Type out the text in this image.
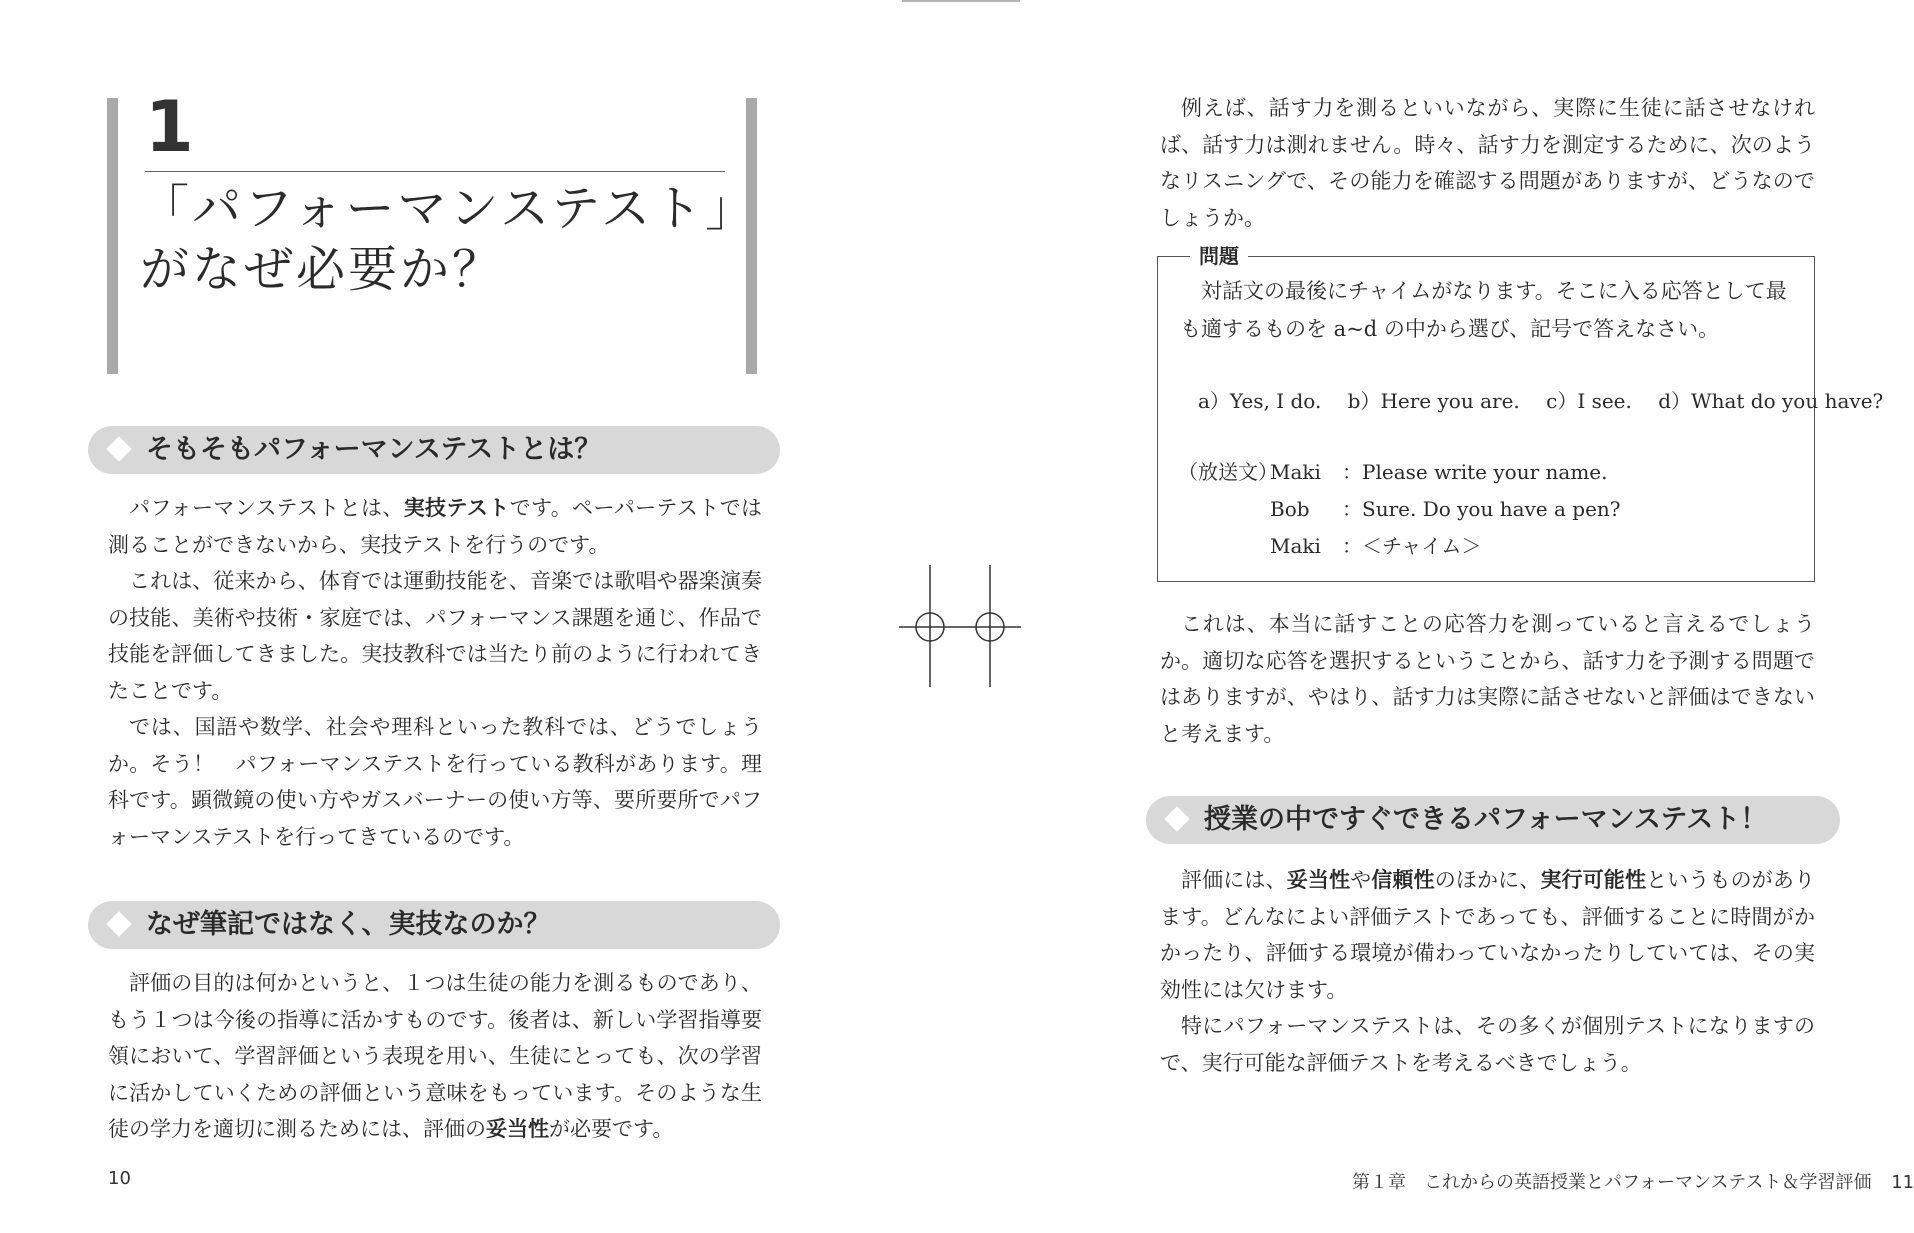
1
「パフォーマンステスト」
がなぜ必要か？
そもそもパフォーマンステストとは？

パフォーマンステストとは、実技テストです。ペーパーテストでは測ることができないから、実技テストを行うのです。

これは、従来から、体育では運動技能を、音楽では歌唱や器楽演奏の技能、美術や技術・家庭では、パフォーマンス課題を通じ、作品で技能を評価してきました。実技教科では当たり前のように行われてきたことです。

では、国語や数学、社会や理科といった教科では、どうでしょうか。そう！　パフォーマンステストを行っている教科があります。理科です。顕微鏡の使い方やガスバーナーの使い方等、要所要所でパフォーマンステストを行ってきているのです。

なぜ筆記ではなく、実技なのか？

評価の目的は何かというと、１つは生徒の能力を測るものであり、もう１つは今後の指導に活かすものです。後者は、新しい学習指導要領において、学習評価という表現を用い、生徒にとっても、次の学習に活かしていくための評価という意味をもっています。そのような生徒の学力を適切に測るためには、評価の妥当性が必要です。

10

例えば、話す力を測るといいながら、実際に生徒に話させなければ、話す力は測れません。時々、話す力を測定するために、次のようなリスニングで、その能力を確認する問題がありますが、どうなのでしょうか。

問題

対話文の最後にチャイムがなります。そこに入る応答として最も適するものを a~d の中から選び、記号で答えなさい。

a）Yes, I do. b）Here you are. c）I see. d）What do you have?
（放送文）
Maki	：Please write your name.
Bob	：Sure. Do you have a pen?
Maki	：＜チャイム＞

これは、本当に話すことの応答力を測っていると言えるでしょうか。適切な応答を選択するということから、話す力を予測する問題ではありますが、やはり、話す力は実際に話させないと評価はできないと考えます。

授業の中ですぐできるパフォーマンステスト！

評価には、妥当性や信頼性のほかに、実行可能性というものがあります。どんなによい評価テストであっても、評価することに時間がかかったり、評価する環境が備わっていなかったりしていては、その実効性には欠けます。

特にパフォーマンステストは、その多くが個別テストになりますので、実行可能な評価テストを考えるべきでしょう。

第１章　これからの英語授業とパフォーマンステスト＆学習評価 11
